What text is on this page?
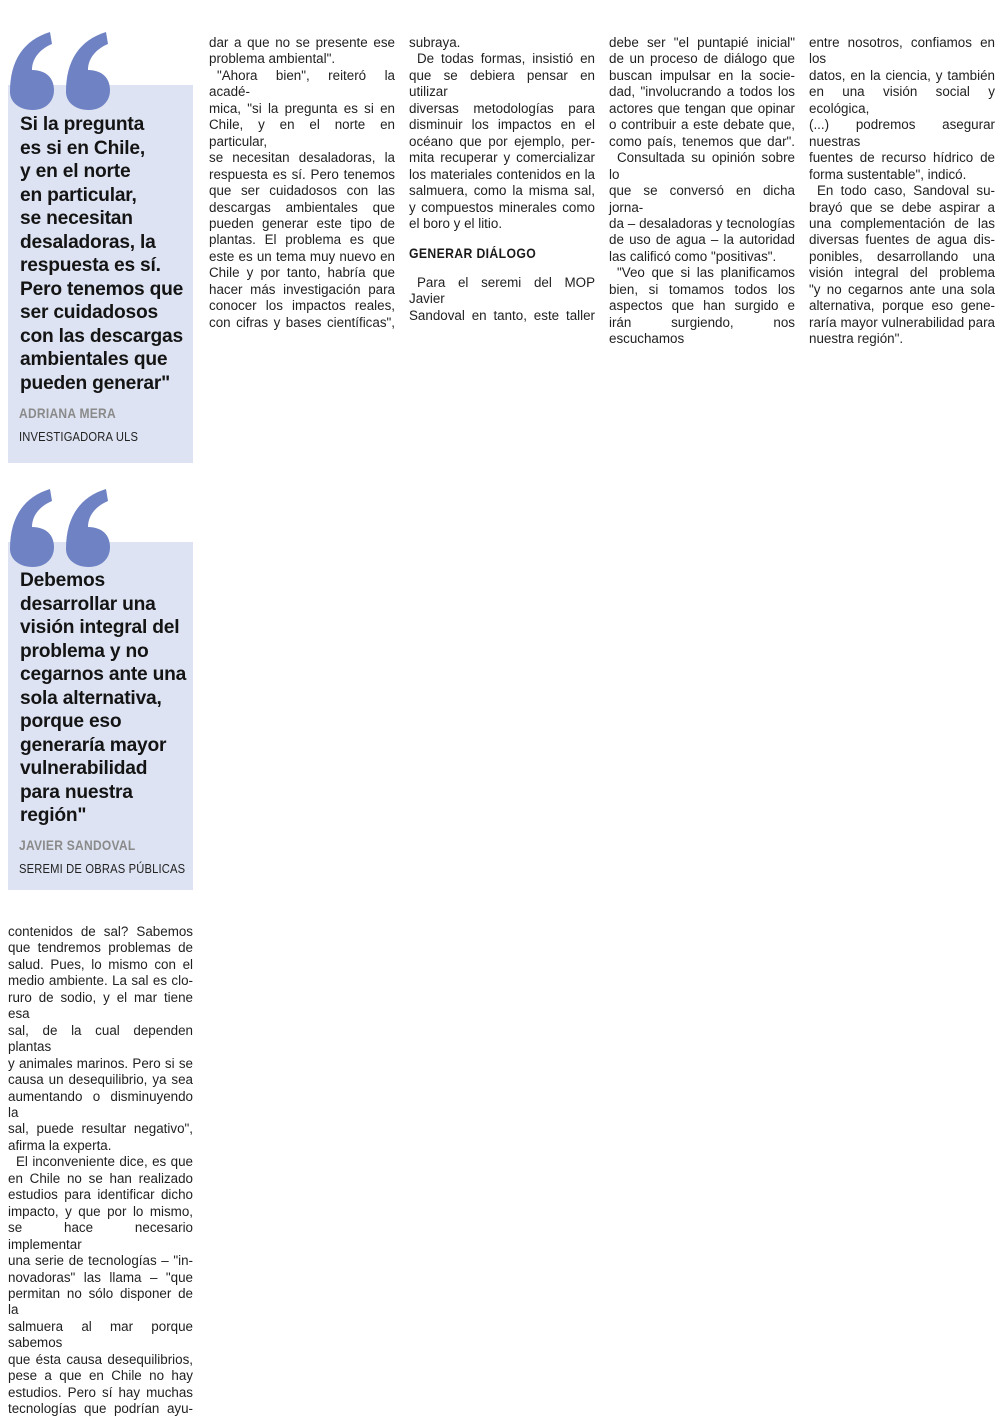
Si la pregunta
es si en Chile,
y en el norte
en particular,
se necesitan
desaladoras, la
respuesta es sí.
Pero tenemos que
ser cuidadosos
con las descargas
ambientales que
pueden generar"
ADRIANA MERA
INVESTIGADORA ULS
Debemos
desarrollar una
visión integral del
problema y no
cegarnos ante una
sola alternativa,
porque eso
generaría mayor
vulnerabilidad
para nuestra
región"
JAVIER SANDOVAL
SEREMI DE OBRAS PÚBLICAS

contenidos de sal? Sabemos

que tendremos problemas de

salud. Pues, lo mismo con el

medio ambiente. La sal es clo-

ruro de sodio, y el mar tiene esa

sal, de la cual dependen plantas

y animales marinos. Pero si se

causa un desequilibrio, ya sea

aumentando o disminuyendo la

sal, puede resultar negativo",

afirma la experta.

El inconveniente dice, es que

en Chile no se han realizado

estudios para identificar dicho

impacto, y que por lo mismo,

se hace necesario implementar

una serie de tecnologías – "in-

novadoras" las llama – "que

permitan no sólo disponer de la

salmuera al mar porque sabemos

que ésta causa desequilibrios,

pese a que en Chile no hay

estudios. Pero sí hay muchas

tecnologías que podrían ayu-

dar a que no se presente ese

problema ambiental".

"Ahora bien", reiteró la acadé-

mica, "si la pregunta es si en

Chile, y en el norte en particular,

se necesitan desaladoras, la

respuesta es sí. Pero tenemos

que ser cuidadosos con las

descargas ambientales que

pueden generar este tipo de

plantas. El problema es que

este es un tema muy nuevo en

Chile y por tanto, habría que

hacer más investigación para

conocer los impactos reales,

con cifras y bases científicas",

subraya.

De todas formas, insistió en

que se debiera pensar en utilizar

diversas metodologías para

disminuir los impactos en el

océano que por ejemplo, per-

mita recuperar y comercializar

los materiales contenidos en la

salmuera, como la misma sal,

y compuestos minerales como

el boro y el litio.

GENERAR DIÁLOGO

Para el seremi del MOP Javier

Sandoval en tanto, este taller

debe ser "el puntapié inicial"

de un proceso de diálogo que

buscan impulsar en la socie-

dad, "involucrando a todos los

actores que tengan que opinar

o contribuir a este debate que,

como país, tenemos que dar".

Consultada su opinión sobre lo

que se conversó en dicha jorna-

da – desaladoras y tecnologías

de uso de agua – la autoridad

las calificó como "positivas".

"Veo que si las planificamos

bien, si tomamos todos los

aspectos que han surgido e

irán surgiendo, nos escuchamos

entre nosotros, confiamos en los

datos, en la ciencia, y también

en una visión social y ecológica,

(...) podremos asegurar nuestras

fuentes de recurso hídrico de

forma sustentable", indicó.

En todo caso, Sandoval su-

brayó que se debe aspirar a

una complementación de las

diversas fuentes de agua dis-

ponibles, desarrollando una

visión integral del problema

"y no cegarnos ante una sola

alternativa, porque eso gene-

raría mayor vulnerabilidad para

nuestra región".
